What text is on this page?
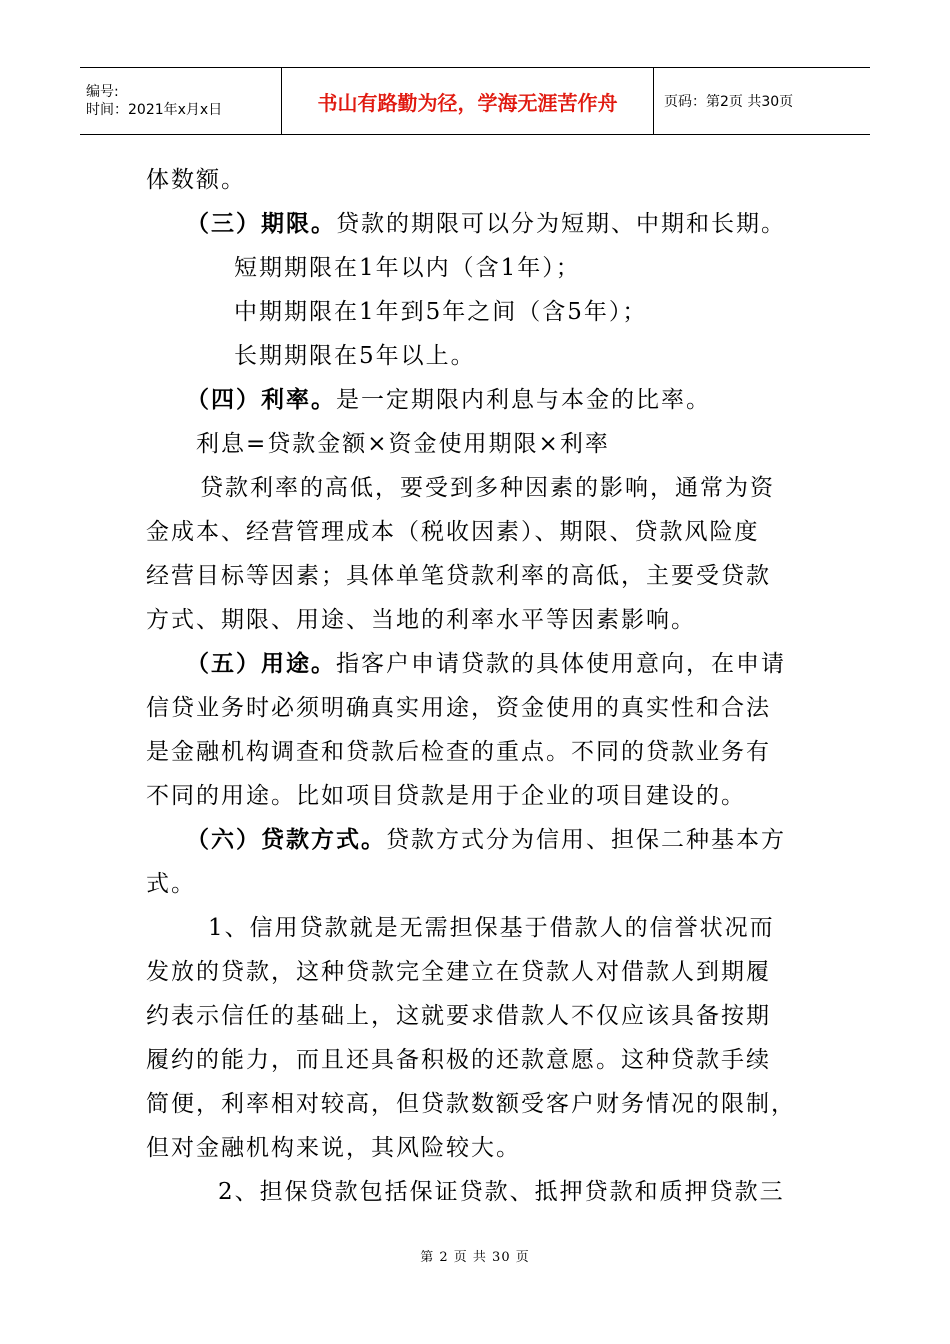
编号:
时间：2021年x月x日	书山有路勤为径，学海无涯苦作舟	页码：第2页 共30页
体数额。
（三）期限。贷款的期限可以分为短期、中期和长期。
短期期限在1年以内（含1年）；
中期期限在1年到5年之间（含5年）；
长期期限在5年以上。
（四）利率。是一定期限内利息与本金的比率。
利息=贷款金额×资金使用期限×利率
贷款利率的高低，要受到多种因素的影响，通常为资
金成本、经营管理成本（税收因素）、期限、贷款风险度
经营目标等因素；具体单笔贷款利率的高低，主要受贷款
方式、期限、用途、当地的利率水平等因素影响。
（五）用途。指客户申请贷款的具体使用意向，在申请
信贷业务时必须明确真实用途，资金使用的真实性和合法
是金融机构调查和贷款后检查的重点。不同的贷款业务有
不同的用途。比如项目贷款是用于企业的项目建设的。
（六）贷款方式。贷款方式分为信用、担保二种基本方
式。
1、信用贷款就是无需担保基于借款人的信誉状况而
发放的贷款，这种贷款完全建立在贷款人对借款人到期履
约表示信任的基础上，这就要求借款人不仅应该具备按期
履约的能力，而且还具备积极的还款意愿。这种贷款手续
简便，利率相对较高，但贷款数额受客户财务情况的限制，
但对金融机构来说，其风险较大。
2、担保贷款包括保证贷款、抵押贷款和质押贷款三
第 2 页 共 30 页
